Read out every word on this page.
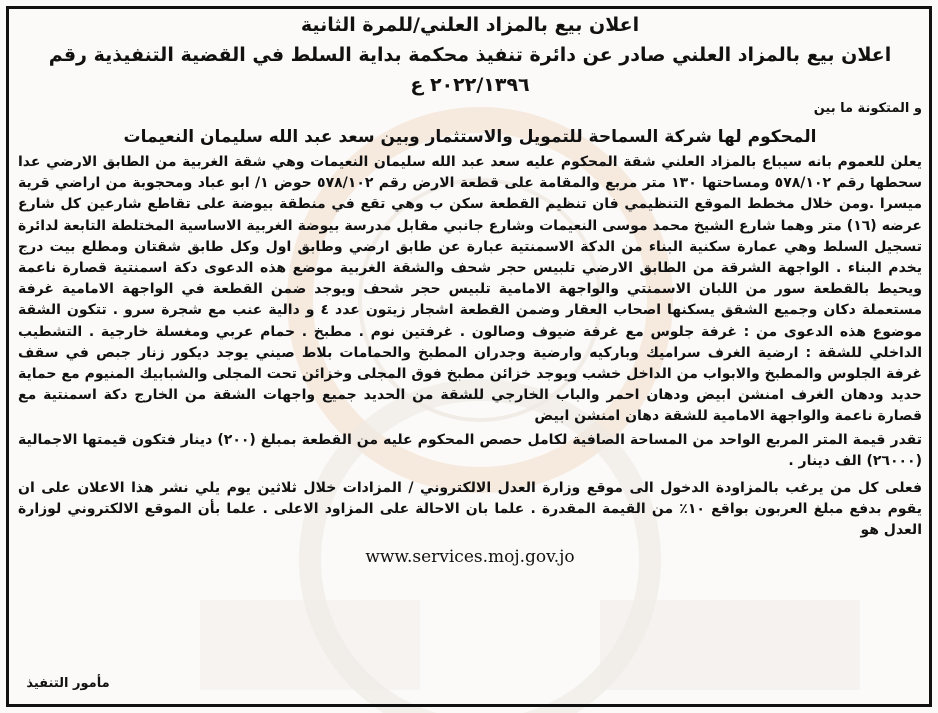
اعلان بيع بالمزاد العلني/للمرة الثانية

اعلان بيع بالمزاد العلني صادر عن دائرة تنفيذ محكمة بداية السلط في القضية التنفيذية رقم ٢٠٢٢/١٣٩٦ ع

و المتكونة ما بين

المحكوم لها شركة السماحة للتمويل والاستثمار وبين سعد عبد الله سليمان النعيمات

يعلن للعموم بانه سيباع بالمزاد العلني شقة المحكوم عليه سعد عبد الله سليمان النعيمات وهي شقة الغربية من الطابق الارضي عدا سحطها رقم ٥٧٨/١٠٢ ومساحتها ١٣٠ متر مربع والمقامة على قطعة الارض رقم ٥٧٨/١٠٢ حوض ١/ ابو عباد ومحجوبة من اراضي قرية ميسرا .ومن خلال مخطط الموقع التنظيمي فان تنظيم القطعة سكن ب وهي تقع في منطقة بيوضة على تقاطع شارعين كل شارع عرضه (١٦) متر وهما شارع الشيخ محمد موسى النعيمات وشارع جانبي مقابل مدرسة بيوضة الغربية الاساسية المختلطة التابعة لدائرة تسجيل السلط وهي عمارة سكنية البناء من الدكة الاسمنتية عبارة عن طابق ارضي وطابق اول وكل طابق شقتان ومطلع بيت درج يخدم البناء . الواجهة الشرقة من الطابق الارضي تلبيس حجر شحف والشقة الغربية موضع هذه الدعوى دكة اسمنتية قصارة ناعمة ويحيط بالقطعة سور من اللبان الاسمنتي والواجهة الامامية تلبيس حجر شحف ويوجد ضمن القطعة في الواجهة الامامية غرفة مستعملة دكان وجميع الشقق يسكنها اصحاب العقار وضمن القطعة اشجار زيتون عدد ٤ و دالية عنب مع شجرة سرو . تتكون الشقة موضوع هذه الدعوى من : غرفة جلوس مع غرفة ضيوف وصالون . غرفتين نوم . مطبخ . حمام عربي ومغسلة خارجية . التشطيب الداخلي للشقة : ارضية الغرف سراميك وباركيه وارضية وجدران المطبخ والحمامات بلاط صيني يوجد ديكور زنار جبص في سقف غرفة الجلوس والمطبخ والابواب من الداخل خشب ويوجد خزائن مطبخ فوق المجلى وخزائن تحت المجلى والشبابيك المنيوم مع حماية حديد ودهان الغرف امنشن ابيض ودهان احمر والباب الخارجي للشقة من الحديد جميع واجهات الشقة من الخارج دكة اسمنتية مع قصارة ناعمة والواجهة الامامية للشقة دهان امنشن ابيض

تقدر قيمة المتر المربع الواحد من المساحة الصافية لكامل حصص المحكوم عليه من القطعة بمبلغ (٢٠٠) دينار فتكون قيمتها الاجمالية (٢٦٠٠٠) الف دينار .

فعلى كل من يرغب بالمزاودة الدخول الى موقع وزارة العدل الالكتروني / المزادات خلال ثلاثين يوم يلي نشر هذا الاعلان على ان يقوم بدفع مبلغ العربون بواقع ١٠٪ من القيمة المقدرة . علما بان الاحالة على المزاود الاعلى . علما بأن الموقع الالكتروني لوزارة العدل هو

www.services.moj.gov.jo

مأمور التنفيذ
